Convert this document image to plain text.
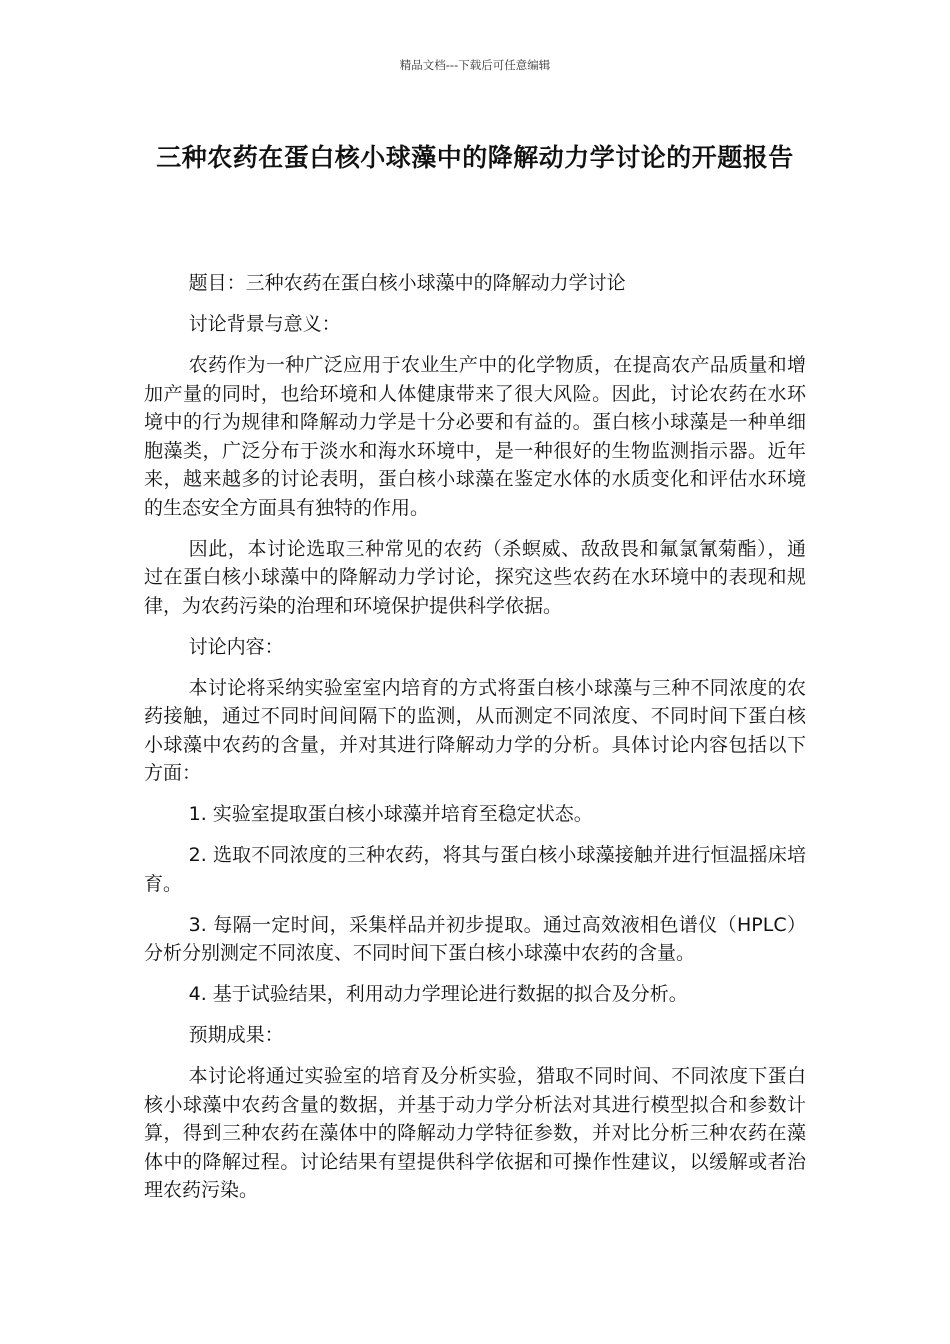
精品文档---下载后可任意编辑
三种农药在蛋白核小球藻中的降解动力学讨论的开题报告

题目：三种农药在蛋白核小球藻中的降解动力学讨论

讨论背景与意义：

农药作为一种广泛应用于农业生产中的化学物质，在提高农产品质量和增加产量的同时，也给环境和人体健康带来了很大风险。因此，讨论农药在水环境中的行为规律和降解动力学是十分必要和有益的。蛋白核小球藻是一种单细胞藻类，广泛分布于淡水和海水环境中，是一种很好的生物监测指示器。近年来，越来越多的讨论表明，蛋白核小球藻在鉴定水体的水质变化和评估水环境的生态安全方面具有独特的作用。

因此，本讨论选取三种常见的农药（杀螟威、敌敌畏和氟氯氰菊酯），通过在蛋白核小球藻中的降解动力学讨论，探究这些农药在水环境中的表现和规律，为农药污染的治理和环境保护提供科学依据。

讨论内容：

本讨论将采纳实验室室内培育的方式将蛋白核小球藻与三种不同浓度的农药接触，通过不同时间间隔下的监测，从而测定不同浓度、不同时间下蛋白核小球藻中农药的含量，并对其进行降解动力学的分析。具体讨论内容包括以下方面：

1. 实验室提取蛋白核小球藻并培育至稳定状态。

2. 选取不同浓度的三种农药，将其与蛋白核小球藻接触并进行恒温摇床培育。

3. 每隔一定时间，采集样品并初步提取。通过高效液相色谱仪（HPLC）分析分别测定不同浓度、不同时间下蛋白核小球藻中农药的含量。

4. 基于试验结果，利用动力学理论进行数据的拟合及分析。

预期成果：

本讨论将通过实验室的培育及分析实验，猎取不同时间、不同浓度下蛋白核小球藻中农药含量的数据，并基于动力学分析法对其进行模型拟合和参数计算，得到三种农药在藻体中的降解动力学特征参数，并对比分析三种农药在藻体中的降解过程。讨论结果有望提供科学依据和可操作性建议，以缓解或者治理农药污染。
